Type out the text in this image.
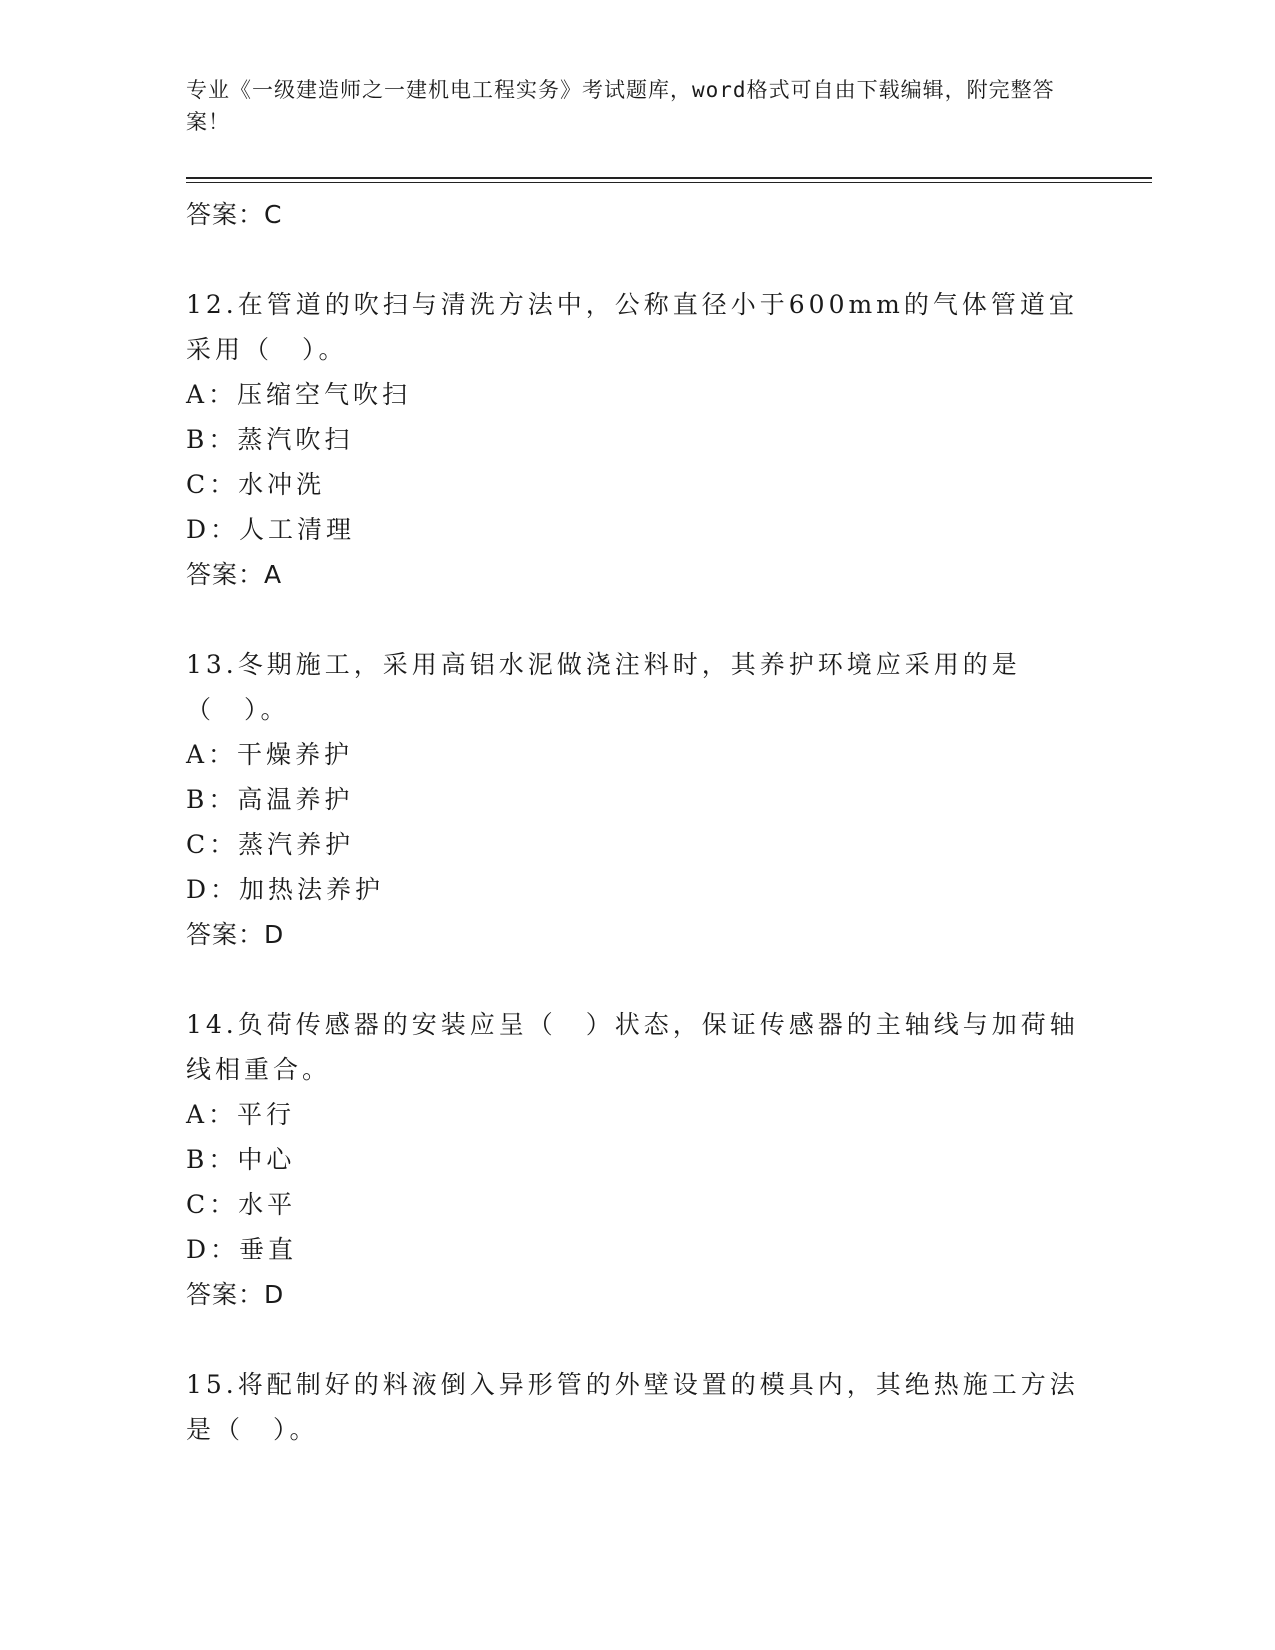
专业《一级建造师之一建机电工程实务》考试题库，word格式可自由下载编辑，附完整答案！
答案：C

12.在管道的吹扫与清洗方法中，公称直径小于600mm的气体管道宜采用（　）。

A：压缩空气吹扫
B：蒸汽吹扫
C：水冲洗
D：人工清理
答案：A

13.冬期施工，采用高铝水泥做浇注料时，其养护环境应采用的是（　）。

A：干燥养护
B：高温养护
C：蒸汽养护
D：加热法养护
答案：D

14.负荷传感器的安装应呈（　）状态，保证传感器的主轴线与加荷轴线相重合。

A：平行
B：中心
C：水平
D：垂直
答案：D

15.将配制好的料液倒入异形管的外壁设置的模具内，其绝热施工方法是（　）。
